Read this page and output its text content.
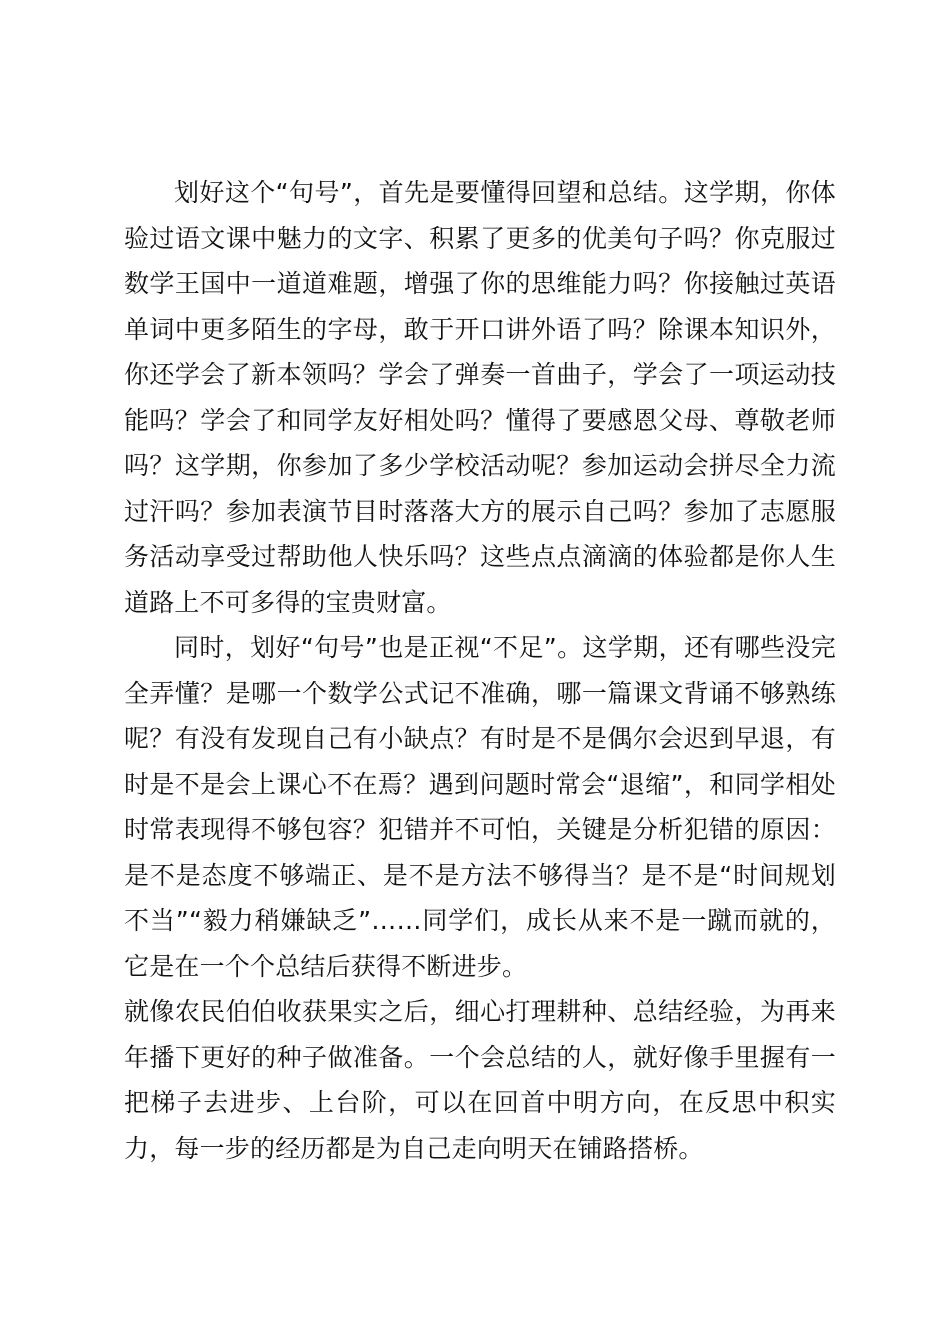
划好这个“句号”，首先是要懂得回望和总结。这学期，你体验过语文课中魅力的文字、积累了更多的优美句子吗？你克服过数学王国中一道道难题，增强了你的思维能力吗？你接触过英语单词中更多陌生的字母，敢于开口讲外语了吗？除课本知识外，你还学会了新本领吗？学会了弹奏一首曲子，学会了一项运动技能吗？学会了和同学友好相处吗？懂得了要感恩父母、尊敬老师吗？这学期，你参加了多少学校活动呢？参加运动会拼尽全力流过汗吗？参加表演节目时落落大方的展示自己吗？参加了志愿服务活动享受过帮助他人快乐吗？这些点点滴滴的体验都是你人生道路上不可多得的宝贵财富。

同时，划好“句号”也是正视“不足”。这学期，还有哪些没完全弄懂？是哪一个数学公式记不准确，哪一篇课文背诵不够熟练呢？有没有发现自己有小缺点？有时是不是偶尔会迟到早退，有时是不是会上课心不在焉？遇到问题时常会“退缩”，和同学相处时常表现得不够包容？犯错并不可怕，关键是分析犯错的原因：是不是态度不够端正、是不是方法不够得当？是不是“时间规划不当”“毅力稍嫌缺乏”……同学们，成长从来不是一蹴而就的，它是在一个个总结后获得不断进步。

就像农民伯伯收获果实之后，细心打理耕种、总结经验，为再来年播下更好的种子做准备。一个会总结的人，就好像手里握有一把梯子去进步、上台阶，可以在回首中明方向，在反思中积实力，每一步的经历都是为自己走向明天在铺路搭桥。
